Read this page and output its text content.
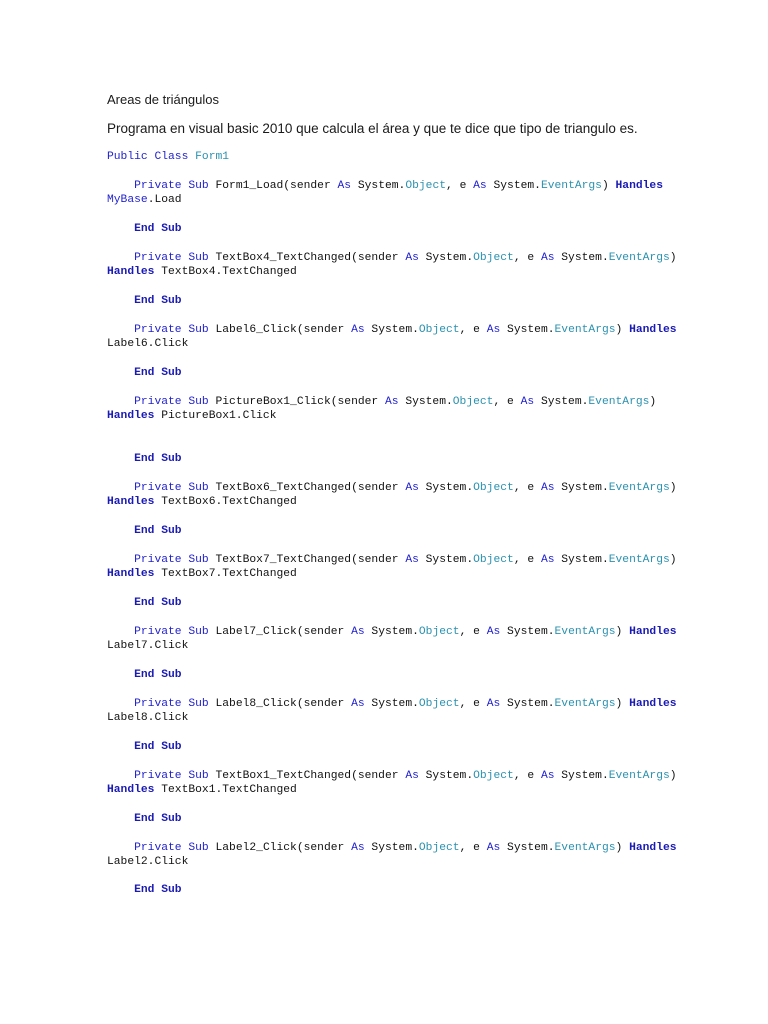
Areas de triángulos

Programa en visual basic 2010 que calcula el área y que te dice que tipo de triangulo es.

Public Class Form1
Private Sub Form1_Load(sender As System.Object, e As System.EventArgs) Handles
MyBase.Load
End Sub
Private Sub TextBox4_TextChanged(sender As System.Object, e As System.EventArgs)
Handles TextBox4.TextChanged
End Sub
Private Sub Label6_Click(sender As System.Object, e As System.EventArgs) Handles
Label6.Click
End Sub
Private Sub PictureBox1_Click(sender As System.Object, e As System.EventArgs)
Handles PictureBox1.Click
End Sub
Private Sub TextBox6_TextChanged(sender As System.Object, e As System.EventArgs)
Handles TextBox6.TextChanged
End Sub
Private Sub TextBox7_TextChanged(sender As System.Object, e As System.EventArgs)
Handles TextBox7.TextChanged
End Sub
Private Sub Label7_Click(sender As System.Object, e As System.EventArgs) Handles
Label7.Click
End Sub
Private Sub Label8_Click(sender As System.Object, e As System.EventArgs) Handles
Label8.Click
End Sub
Private Sub TextBox1_TextChanged(sender As System.Object, e As System.EventArgs)
Handles TextBox1.TextChanged
End Sub
Private Sub Label2_Click(sender As System.Object, e As System.EventArgs) Handles
Label2.Click
End Sub
